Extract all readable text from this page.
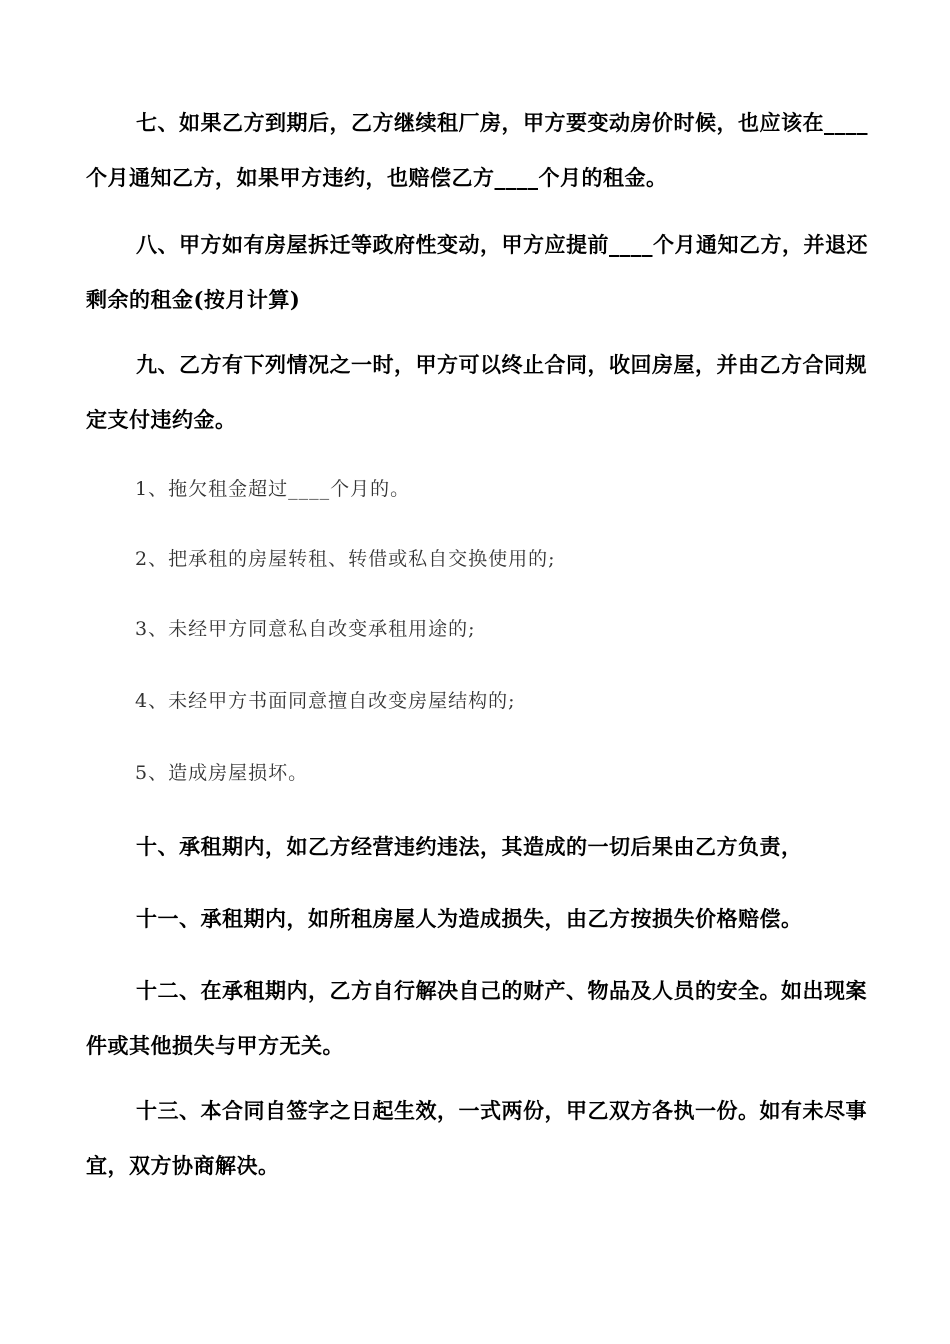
七、如果乙方到期后，乙方继续租厂房，甲方要变动房价时候，也应该在____个月通知乙方，如果甲方违约，也赔偿乙方____个月的租金。

八、甲方如有房屋拆迁等政府性变动，甲方应提前____个月通知乙方，并退还剩余的租金(按月计算)

九、乙方有下列情况之一时，甲方可以终止合同，收回房屋，并由乙方合同规定支付违约金。

1、拖欠租金超过____个月的。

2、把承租的房屋转租、转借或私自交换使用的;

3、未经甲方同意私自改变承租用途的;

4、未经甲方书面同意擅自改变房屋结构的;

5、造成房屋损坏。

十、承租期内，如乙方经营违约违法，其造成的一切后果由乙方负责，

十一、承租期内，如所租房屋人为造成损失，由乙方按损失价格赔偿。

十二、在承租期内，乙方自行解决自己的财产、物品及人员的安全。如出现案件或其他损失与甲方无关。

十三、本合同自签字之日起生效，一式两份，甲乙双方各执一份。如有未尽事宜，双方协商解决。
